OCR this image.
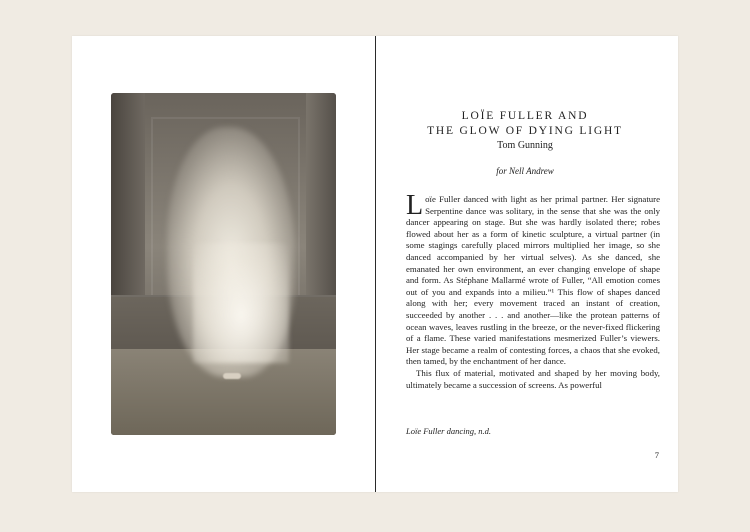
LOÏE FULLER AND
THE GLOW OF DYING LIGHT
Tom Gunning
for Nell Andrew

Loïe Fuller danced with light as her primal partner. Her signature Serpentine dance was solitary, in the sense that she was the only dancer appearing on stage. But she was hardly isolated there; robes flowed about her as a form of kinetic sculpture, a virtual partner (in some stagings carefully placed mirrors multiplied her image, so she danced accompanied by her virtual selves). As she danced, she emanated her own environment, an ever changing envelope of shape and form. As Stéphane Mallarmé wrote of Fuller, “All emotion comes out of you and expands into a milieu.”¹ This flow of shapes danced along with her; every movement traced an instant of creation, succeeded by another . . . and another—like the protean patterns of ocean waves, leaves rustling in the breeze, or the never-fixed flickering of a flame. These varied manifestations mesmerized Fuller’s viewers. Her stage became a realm of contesting forces, a chaos that she evoked, then tamed, by the enchantment of her dance.

This flux of material, motivated and shaped by her moving body, ultimately became a succession of screens. As powerful

Loïe Fuller dancing, n.d.
7
